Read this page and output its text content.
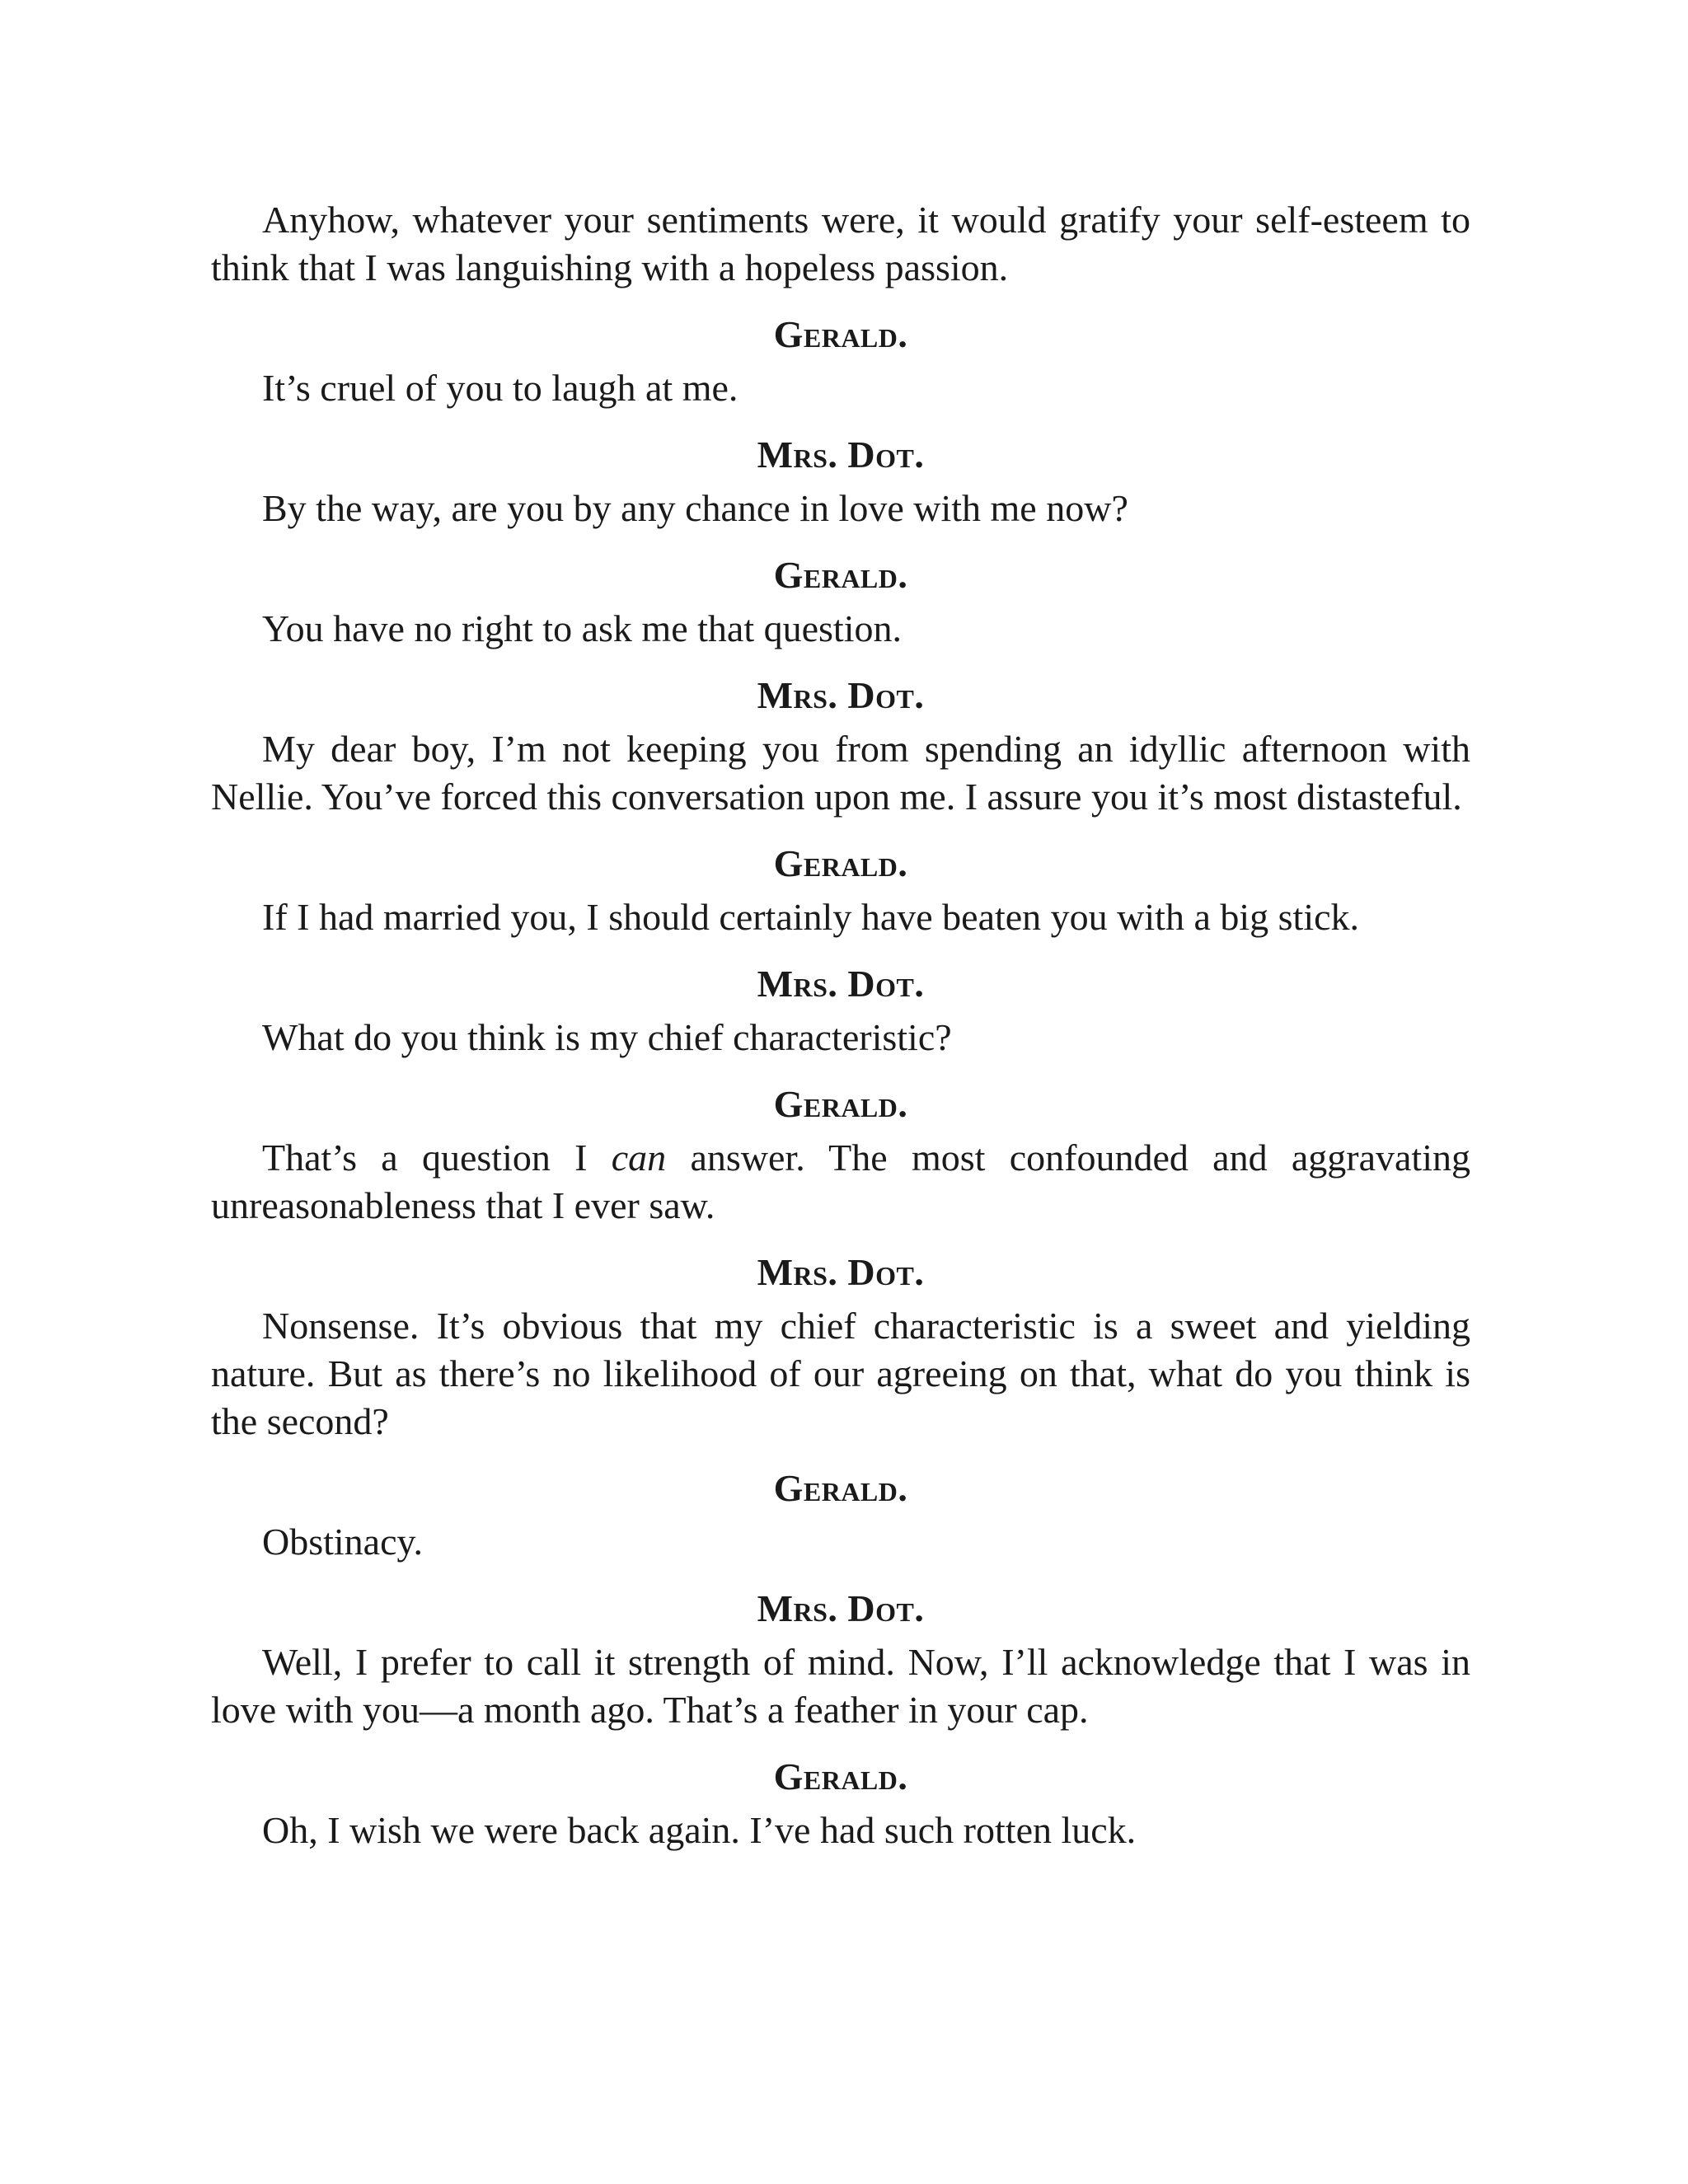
Anyhow, whatever your sentiments were, it would gratify your self-esteem to think that I was languishing with a hopeless passion.

Gerald.

It’s cruel of you to laugh at me.

Mrs. Dot.

By the way, are you by any chance in love with me now?

Gerald.

You have no right to ask me that question.

Mrs. Dot.

My dear boy, I’m not keeping you from spending an idyllic afternoon with Nellie. You’ve forced this conversation upon me. I assure you it’s most distasteful.

Gerald.

If I had married you, I should certainly have beaten you with a big stick.

Mrs. Dot.

What do you think is my chief characteristic?

Gerald.

That’s a question I can answer. The most confounded and aggravating unreasonableness that I ever saw.

Mrs. Dot.

Nonsense. It’s obvious that my chief characteristic is a sweet and yielding nature. But as there’s no likelihood of our agreeing on that, what do you think is the second?

Gerald.

Obstinacy.

Mrs. Dot.

Well, I prefer to call it strength of mind. Now, I’ll acknowledge that I was in love with you—a month ago. That’s a feather in your cap.

Gerald.

Oh, I wish we were back again. I’ve had such rotten luck.
